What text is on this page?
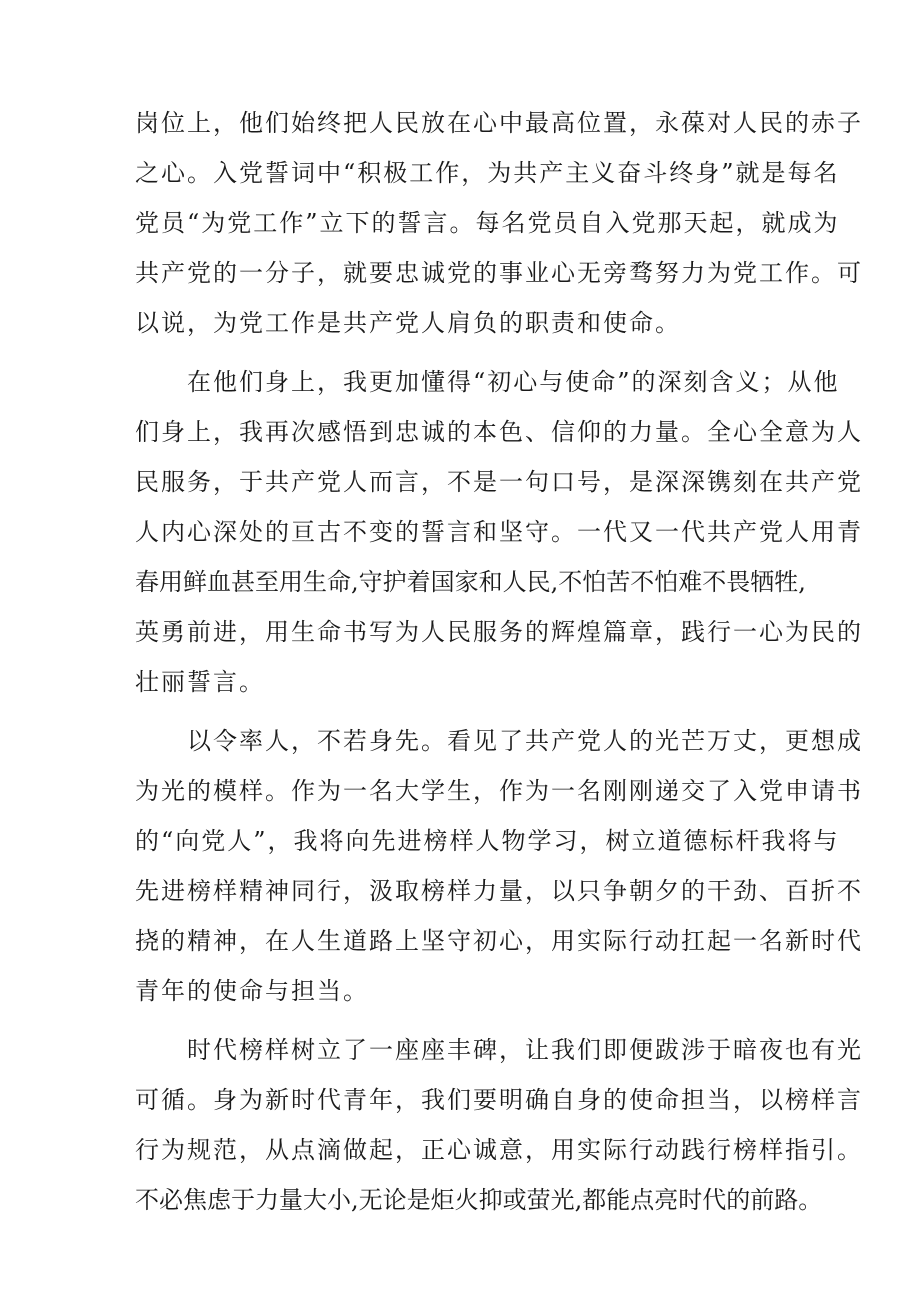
岗位上，他们始终把人民放在心中最高位置，永葆对人民的赤子
之心。入党誓词中“积极工作，为共产主义奋斗终身”就是每名
党员“为党工作”立下的誓言。每名党员自入党那天起，就成为
共产党的一分子，就要忠诚党的事业心无旁骛努力为党工作。可
以说，为党工作是共产党人肩负的职责和使命。
在他们身上，我更加懂得“初心与使命”的深刻含义；从他
们身上，我再次感悟到忠诚的本色、信仰的力量。全心全意为人
民服务，于共产党人而言，不是一句口号，是深深镌刻在共产党
人内心深处的亘古不变的誓言和坚守。一代又一代共产党人用青
春用鲜血甚至用生命,守护着国家和人民,不怕苦不怕难不畏牺牲,
英勇前进，用生命书写为人民服务的辉煌篇章，践行一心为民的
壮丽誓言。
以令率人，不若身先。看见了共产党人的光芒万丈，更想成
为光的模样。作为一名大学生，作为一名刚刚递交了入党申请书
的“向党人”，我将向先进榜样人物学习，树立道德标杆我将与
先进榜样精神同行，汲取榜样力量，以只争朝夕的干劲、百折不
挠的精神，在人生道路上坚守初心，用实际行动扛起一名新时代
青年的使命与担当。
时代榜样树立了一座座丰碑，让我们即便跋涉于暗夜也有光
可循。身为新时代青年，我们要明确自身的使命担当，以榜样言
行为规范，从点滴做起，正心诚意，用实际行动践行榜样指引。
不必焦虑于力量大小,无论是炬火抑或萤光,都能点亮时代的前路。
